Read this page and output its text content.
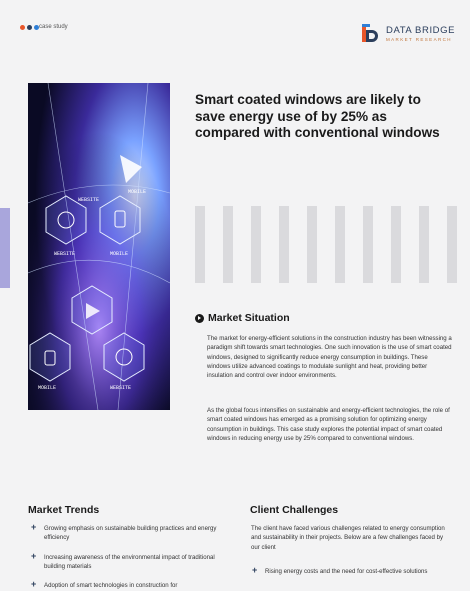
case study	DATA BRIDGE
MARKET RESEARCH
WEBSITE	MOBILE
WEBSITE
MOBILE	WEBSITE
MOBILE
Smart coated windows are likely to save energy use of by 25% as compared with conventional windows
Market Situation

The market for energy-efficient solutions in the construction industry has been witnessing a paradigm shift towards smart technologies. One such innovation is the use of smart coated windows, designed to significantly reduce energy consumption in buildings. These windows utilize advanced coatings to modulate sunlight and heat, providing better insulation and control over indoor environments.

As the global focus intensifies on sustainable and energy-efficient technologies, the role of smart coated windows has emerged as a promising solution for optimizing energy consumption in buildings. This case study explores the potential impact of smart coated windows in reducing energy use by 25% compared to conventional windows.

Market Trends
+ Growing emphasis on sustainable building practices and energy efficiency
+ Increasing awareness of the environmental impact of traditional building materials
+ Adoption of smart technologies in construction for
Client Challenges

The client have faced various challenges related to energy consumption and sustainability in their projects. Below are a few challenges faced by our client

+ Rising energy costs and the need for cost-effective solutions
